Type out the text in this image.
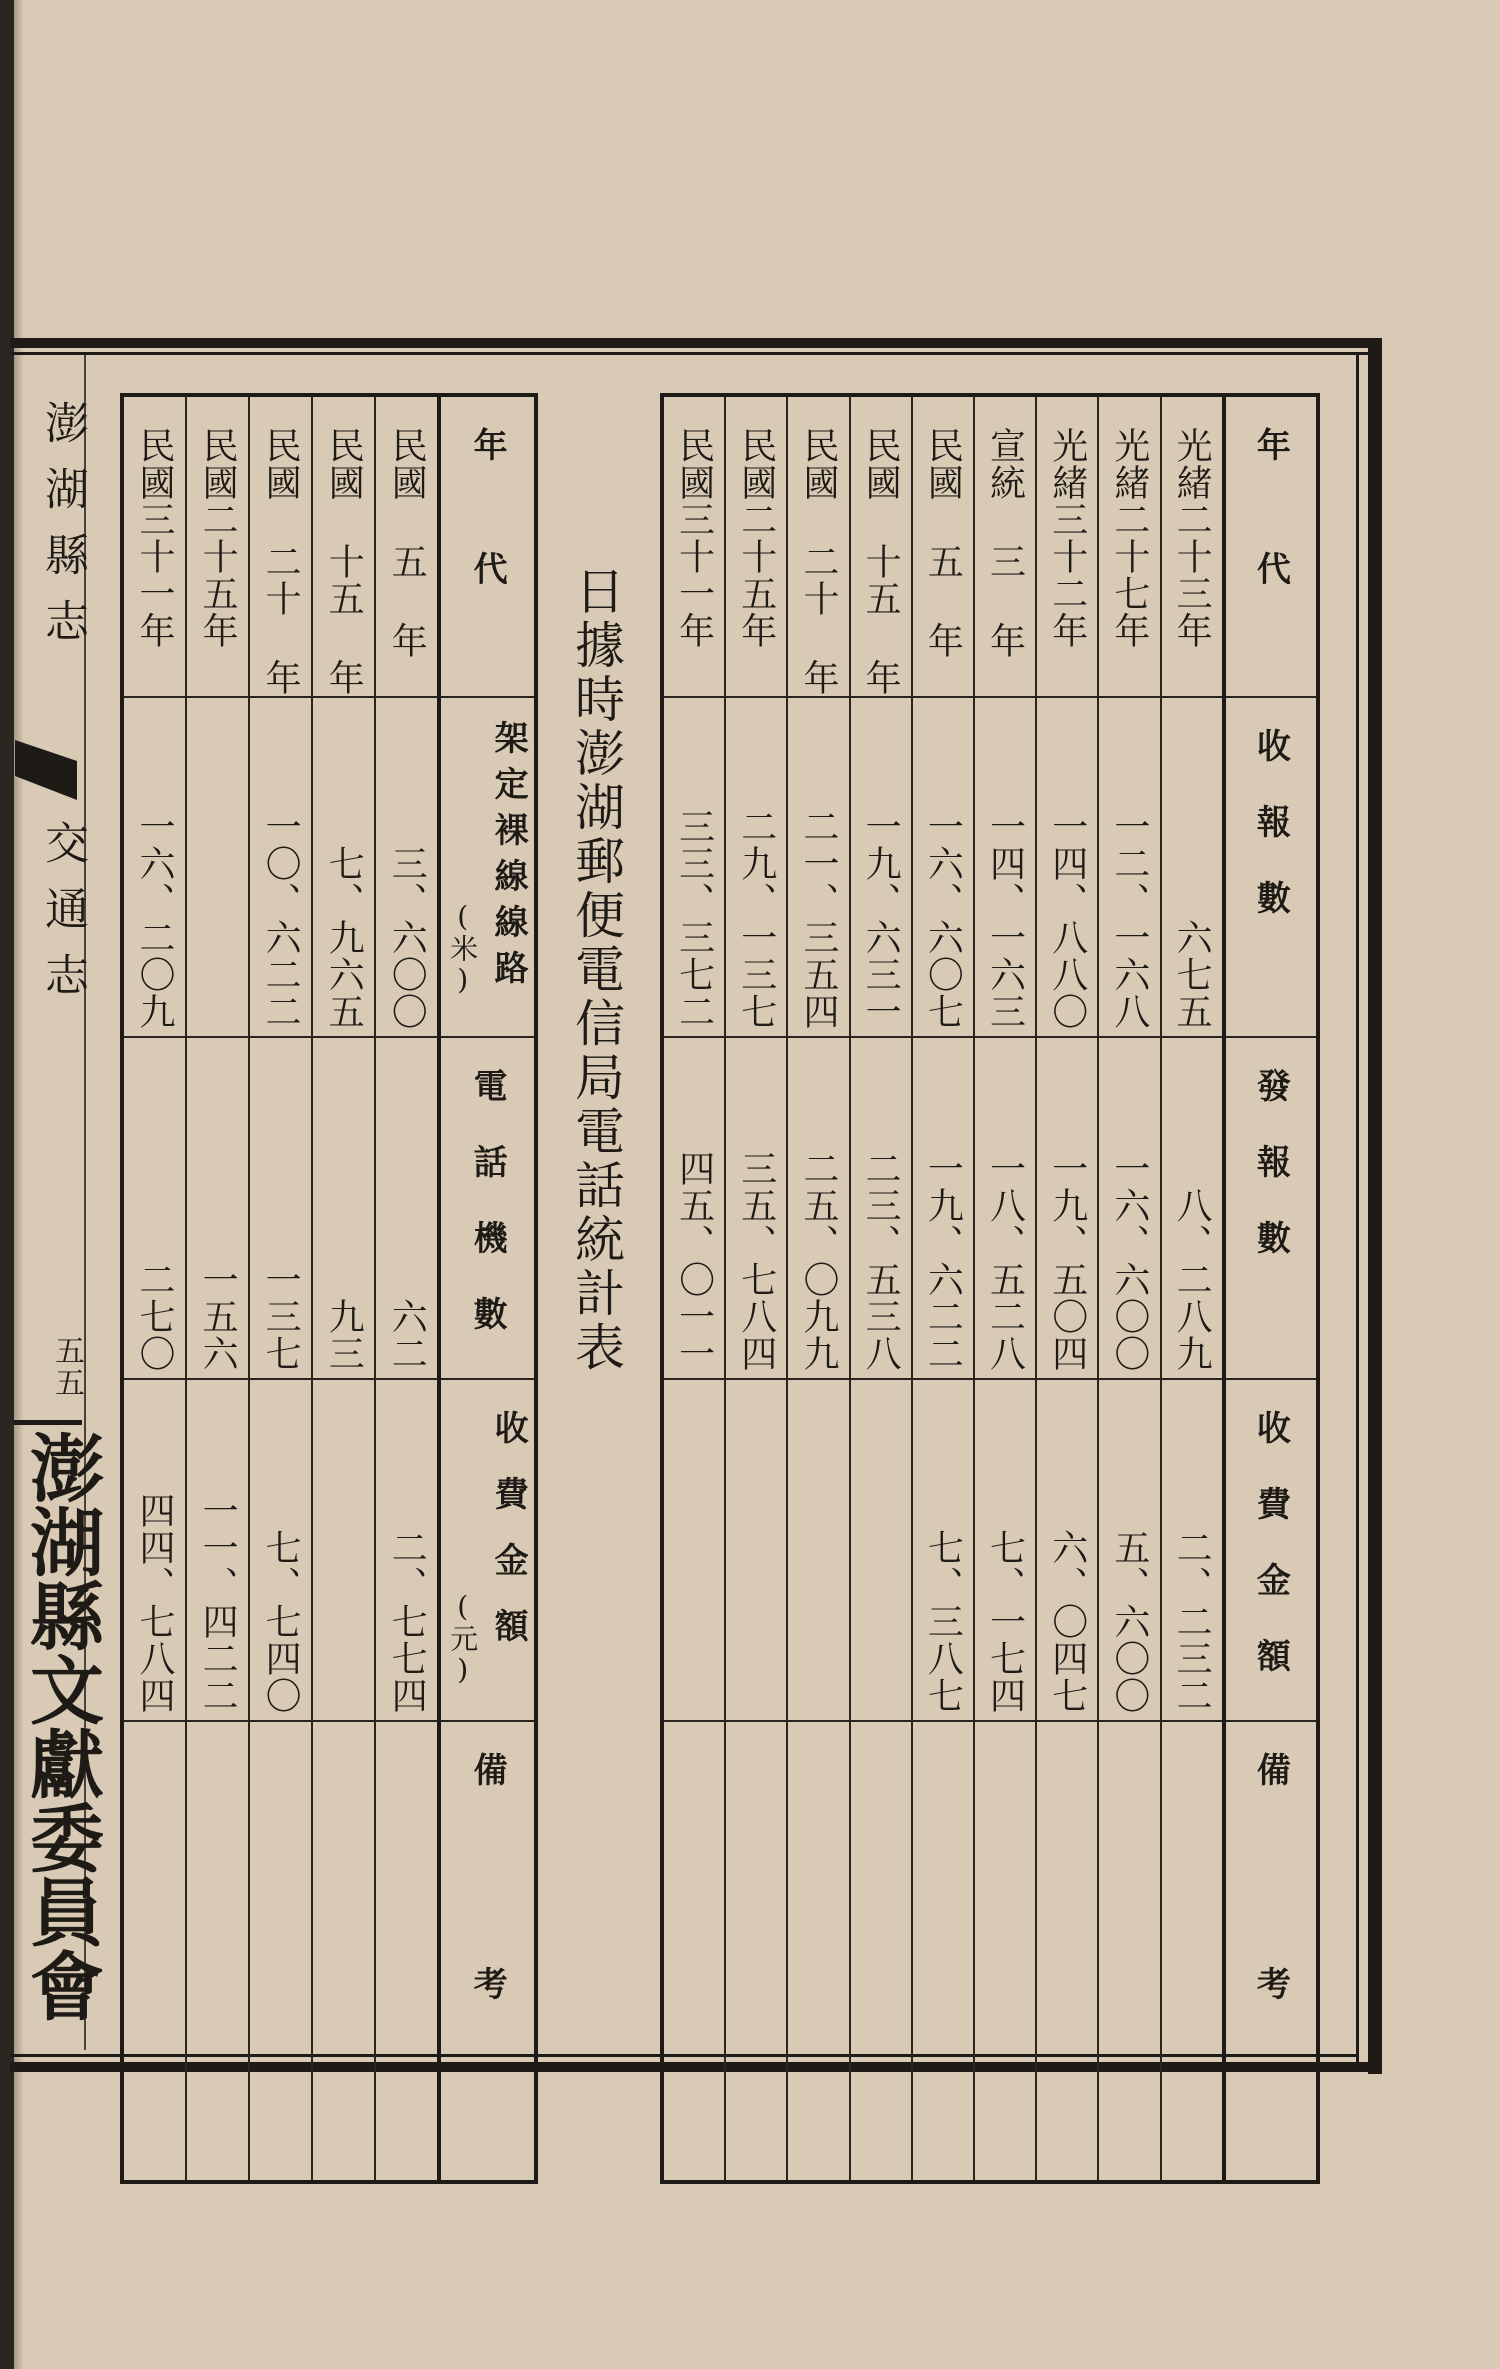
澎湖縣志
交通志
五五
澎湖縣文獻委員會
日據時澎湖郵便電信局電話統計表
民國三十一年	民國二十五年	民國 二十 年	民國 十五 年	民國 五 年	宣統 三 年	光緒三十二年	光緒二十七年	光緒二十三年	年代

三三、三七二	二九、一三七	二一、三五四	一九、六三一	一六、六〇七	一四、一六三	一四、八八〇	一二、一六八	六七五	收報數

四五、〇一一	三五、七八四	二五、〇九九	二三、五三八	一九、六二二	一八、五二八	一九、五〇四	一六、六〇〇	八、二八九	發報數

				七、三八七	七、一七四	六、〇四七	五、六〇〇	二、二三二	收費金額

									備考
民國三十一年	民國二十五年	民國 二十 年	民國 十五 年	民國 五 年	年代

一六、二〇九		一〇、六二二	七、九六五	三、六〇〇	架定裸線線路
(米)

二七〇	一五六	一三七	九三	六二	電話機數

四四、七八四	一一、四二二	七、七四〇		二、七七四	收費金額
(元)

					備考
